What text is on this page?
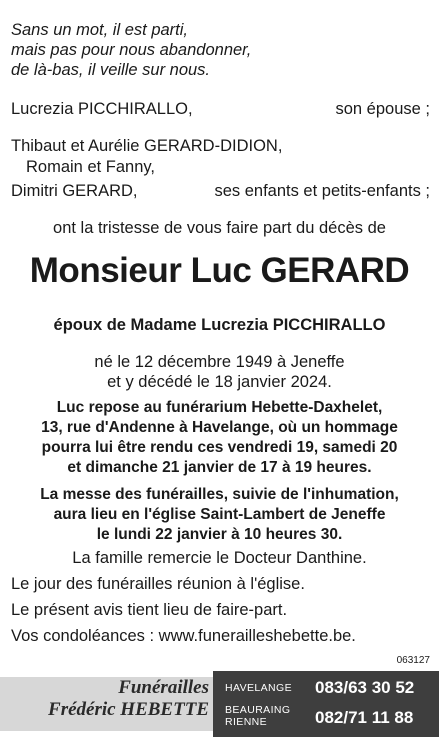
Sans un mot, il est parti,
mais pas pour nous abandonner,
de là-bas, il veille sur nous.
Lucrezia PICCHIRALLO,	son épouse ;
Thibaut et Aurélie GERARD-DIDION,
Romain et Fanny,
Dimitri GERARD,	ses enfants et petits-enfants ;
ont la tristesse de vous faire part du décès de
Monsieur Luc GERARD
époux de Madame Lucrezia PICCHIRALLO
né le 12 décembre 1949 à Jeneffe
et y décédé le 18 janvier 2024.
Luc repose au funérarium Hebette-Daxhelet,
13, rue d'Andenne à Havelange, où un hommage
pourra lui être rendu ces vendredi 19, samedi 20
et dimanche 21 janvier de 17 à 19 heures.
La messe des funérailles, suivie de l'inhumation,
aura lieu en l'église Saint-Lambert de Jeneffe
le lundi 22 janvier à 10 heures 30.
La famille remercie le Docteur Danthine.
Le jour des funérailles réunion à l'église.
Le présent avis tient lieu de faire-part.
Vos condoléances : www.funerailleshebette.be.
063127
Funérailles
Frédéric HEBETTE
HAVELANGE 083/63 30 52
BEAURAING
RIENNE	082/71 11 88
